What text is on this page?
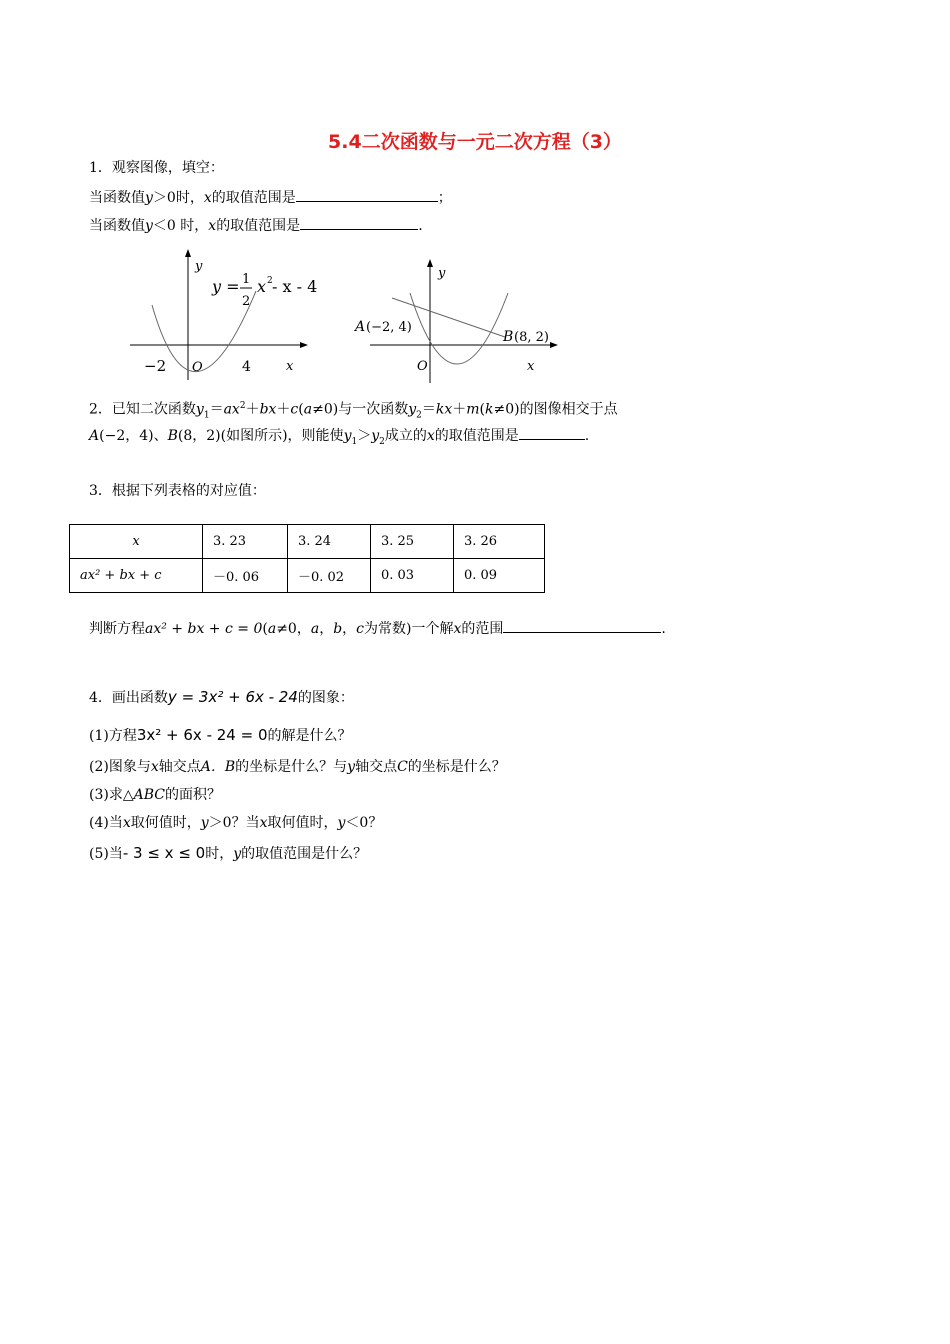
5.4二次函数与一元二次方程（3）
1．观察图像，填空：
当函数值y＞0时，x的取值范围是	；
当函数值y＜0 时，x的取值范围是	.
y
x
O
−2	4
y = 1
2
x 2 - x - 4
y
x
O
A (−2, 4)
B (8, 2)
2．已知二次函数$y_1=ax^2+bx+c(a\ne 0)$与一次函数$y_2=kx+m(k\ne 0)$的图像相交于点
A(−2，4)、B(8，2)(如图所示)，则能使$y_1>y_2$成立的x的取值范围是	.
3．根据下列表格的对应值：
x	3. 23	3. 24	3. 25	3. 26
ax² + bx + c	－0. 06	－0. 02	0. 03	0. 09
判断方程ax² + bx + c = 0(a≠0，a，b，c为常数)一个解x的范围	.
4．画出函数y = 3x² + 6x - 24的图象：
(1)方程3x² + 6x - 24 = 0的解是什么？
(2)图象与x轴交点A．B的坐标是什么？与y轴交点C的坐标是什么？
(3)求△ABC的面积？
(4)当x取何值时，y＞0？当x取何值时，y＜0？
(5)当- 3 ≤ x ≤ 0时，y的取值范围是什么？
